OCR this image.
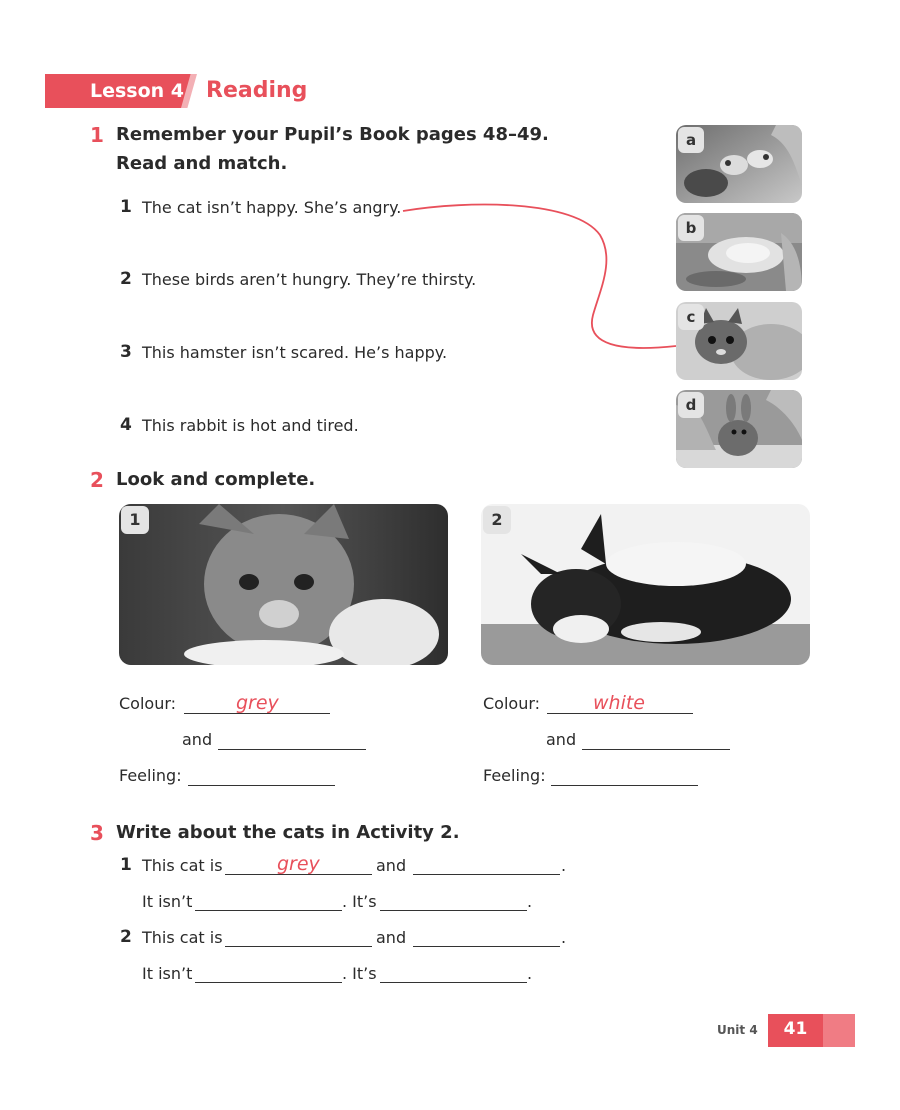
Lesson 4 Reading
1 Remember your Pupil’s Book pages 48–49.
Read and match.
1 The cat isn’t happy. She’s angry.
2 These birds aren’t hungry. They’re thirsty.
3 This hamster isn’t scared. He’s happy.
4 This rabbit is hot and tired.
a
b
c
d
2 Look and complete.
1	2
Colour:	grey
and
Feeling:
Colour:	white
and
Feeling:
3 Write about the cats in Activity 2.
1 This cat is	grey	and	.
It isn’t	. It’s	.
2 This cat is	and	.
It isn’t	. It’s	.
Unit 4	41
